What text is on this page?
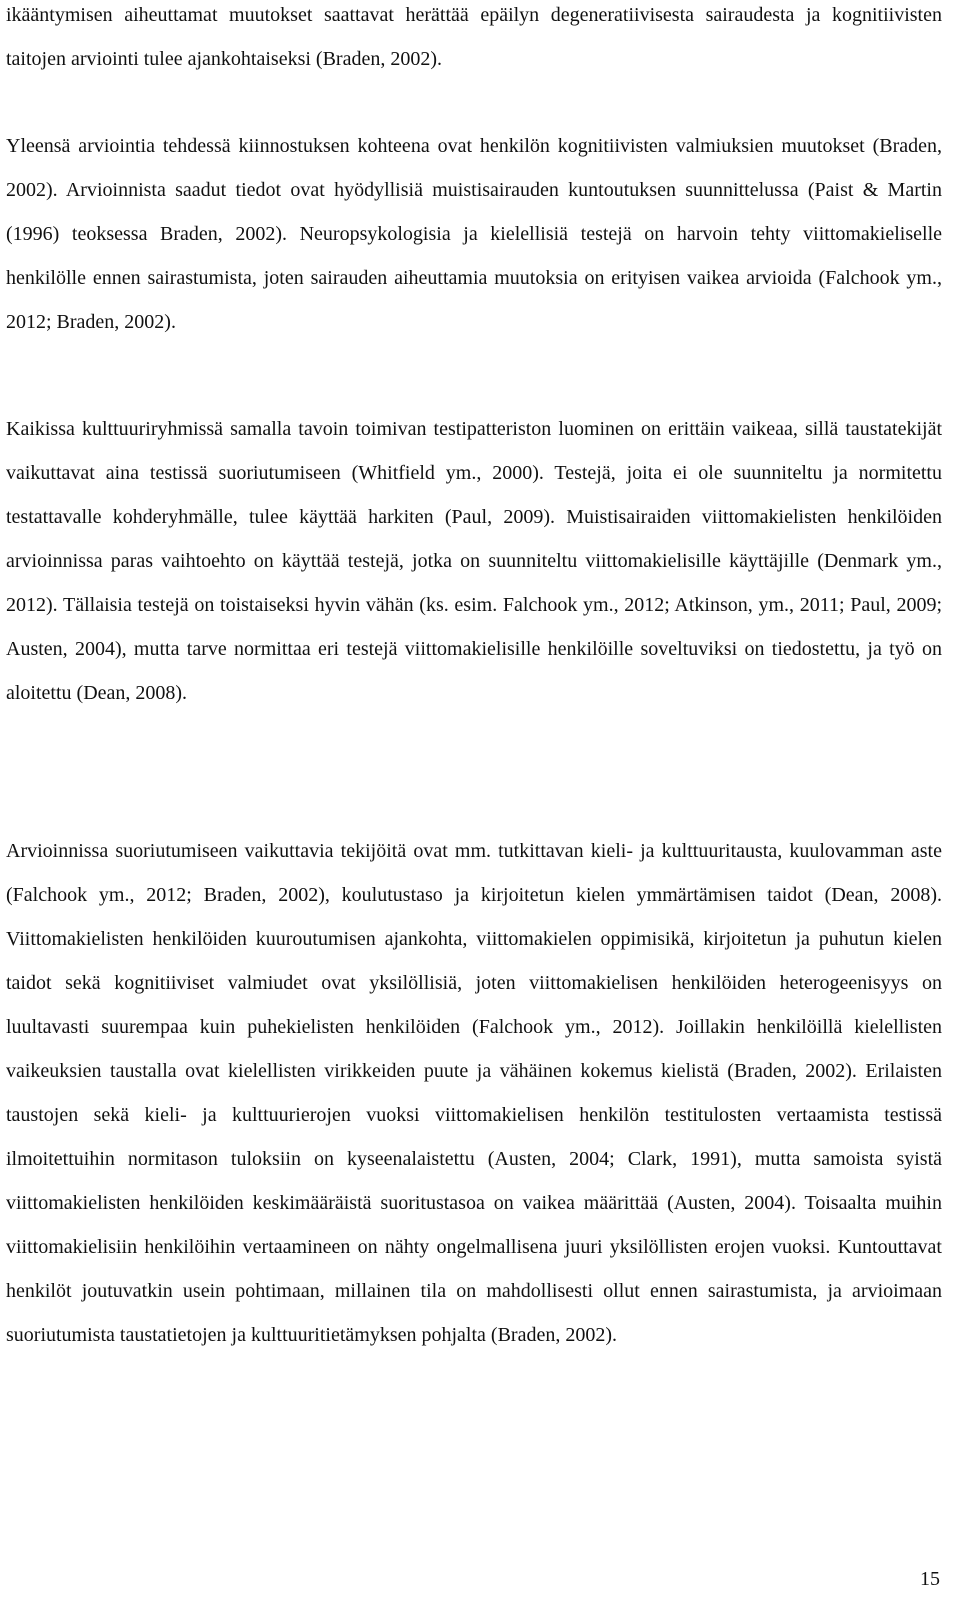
ikääntymisen aiheuttamat muutokset saattavat herättää epäilyn degeneratiivisesta sairaudesta ja kognitiivisten taitojen arviointi tulee ajankohtaiseksi (Braden, 2002).

Yleensä arviointia tehdessä kiinnostuksen kohteena ovat henkilön kognitiivisten valmiuksien muutokset (Braden, 2002). Arvioinnista saadut tiedot ovat hyödyllisiä muistisairauden kuntoutuksen suunnittelussa (Paist & Martin (1996) teoksessa Braden, 2002). Neuropsykologisia ja kielellisiä testejä on harvoin tehty viittomakieliselle henkilölle ennen sairastumista, joten sairauden aiheuttamia muutoksia on erityisen vaikea arvioida (Falchook ym., 2012; Braden, 2002).

Kaikissa kulttuuriryhmissä samalla tavoin toimivan testipatteriston luominen on erittäin vaikeaa, sillä taustatekijät vaikuttavat aina testissä suoriutumiseen (Whitfield ym., 2000). Testejä, joita ei ole suunniteltu ja normitettu testattavalle kohderyhmälle, tulee käyttää harkiten (Paul, 2009). Muistisairaiden viittomakielisten henkilöiden arvioinnissa paras vaihtoehto on käyttää testejä, jotka on suunniteltu viittomakielisille käyttäjille (Denmark ym., 2012). Tällaisia testejä on toistaiseksi hyvin vähän (ks. esim. Falchook ym., 2012; Atkinson, ym., 2011; Paul, 2009; Austen, 2004), mutta tarve normittaa eri testejä viittomakielisille henkilöille soveltuviksi on tiedostettu, ja työ on aloitettu (Dean, 2008).

Arvioinnissa suoriutumiseen vaikuttavia tekijöitä ovat mm. tutkittavan kieli- ja kulttuuritausta, kuulovamman aste (Falchook ym., 2012; Braden, 2002), koulutustaso ja kirjoitetun kielen ymmärtämisen taidot (Dean, 2008). Viittomakielisten henkilöiden kuuroutumisen ajankohta, viittomakielen oppimisikä, kirjoitetun ja puhutun kielen taidot sekä kognitiiviset valmiudet ovat yksilöllisiä, joten viittomakielisen henkilöiden heterogeenisyys on luultavasti suurempaa kuin puhekielisten henkilöiden (Falchook ym., 2012). Joillakin henkilöillä kielellisten vaikeuksien taustalla ovat kielellisten virikkeiden puute ja vähäinen kokemus kielistä (Braden, 2002). Erilaisten taustojen sekä kieli- ja kulttuurierojen vuoksi viittomakielisen henkilön testitulosten vertaamista testissä ilmoitettuihin normitason tuloksiin on kyseenalaistettu (Austen, 2004; Clark, 1991), mutta samoista syistä viittomakielisten henkilöiden keskimääräistä suoritustasoa on vaikea määrittää (Austen, 2004). Toisaalta muihin viittomakielisiin henkilöihin vertaamineen on nähty ongelmallisena juuri yksilöllisten erojen vuoksi. Kuntouttavat henkilöt joutuvatkin usein pohtimaan, millainen tila on mahdollisesti ollut ennen sairastumista, ja arvioimaan suoriutumista taustatietojen ja kulttuuritietämyksen pohjalta (Braden, 2002).

15
